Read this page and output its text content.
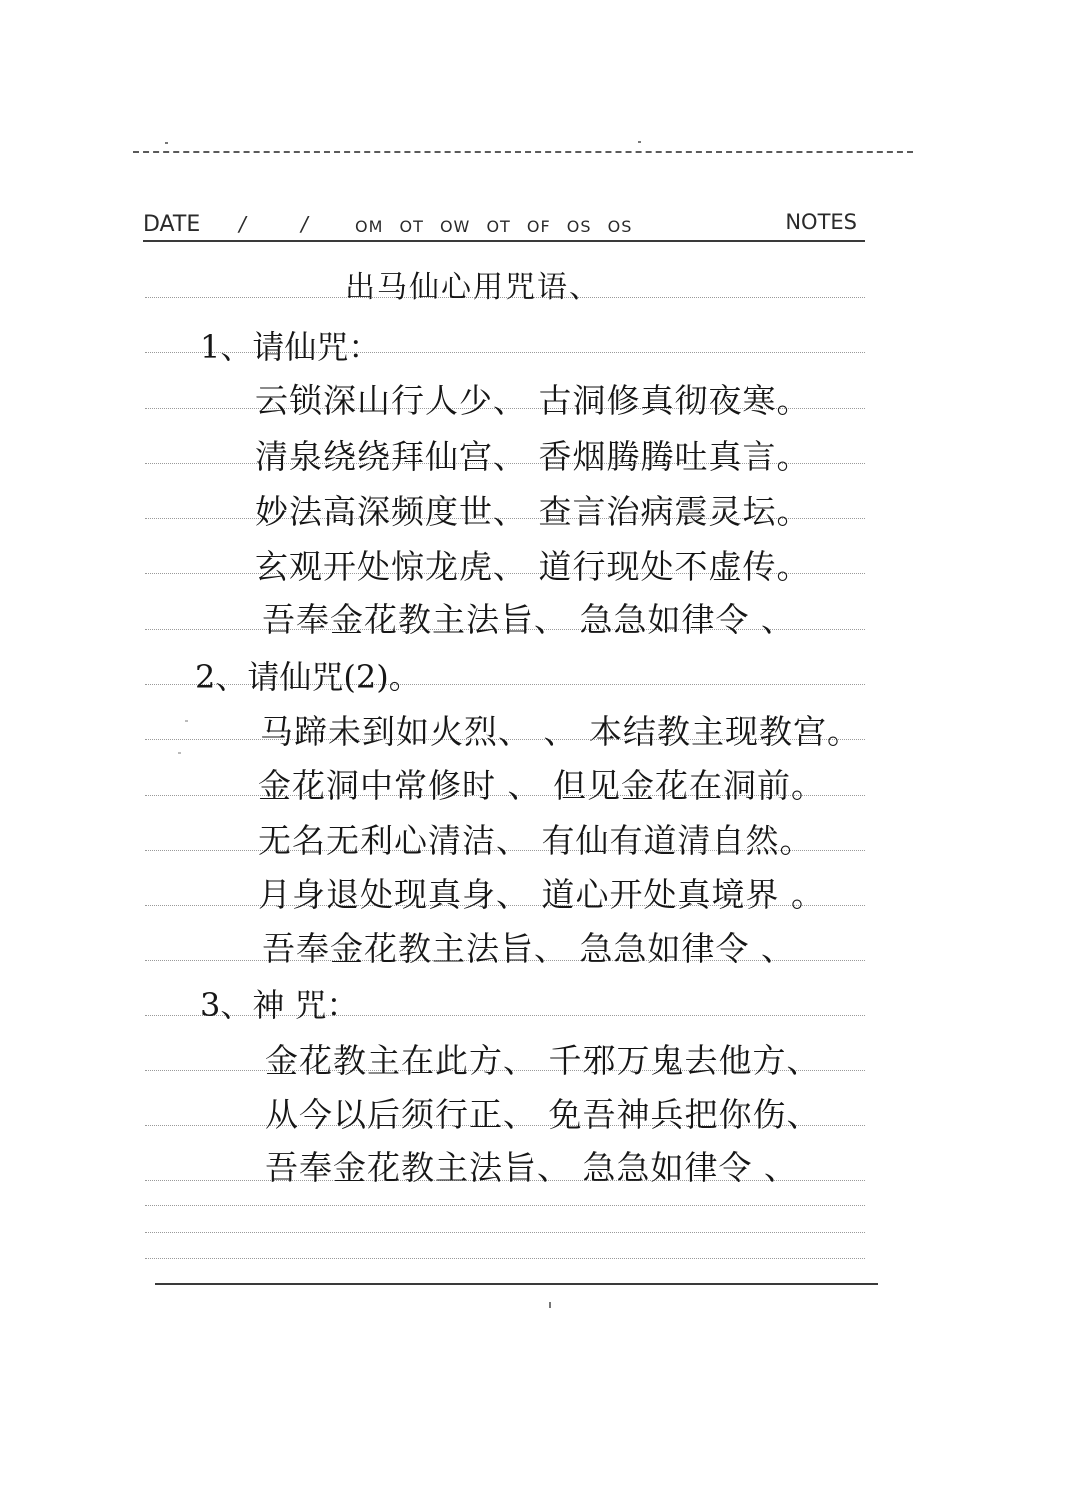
DATE /	/	OM OT OW OT OF OS OS	NOTES
出马仙心用咒语、
1、请仙咒：
云锁深山行人少、 古洞修真彻夜寒。
清泉绕绕拜仙宫、 香烟腾腾吐真言。
妙法高深频度世、 查言治病震灵坛。
玄观开处惊龙虎、 道行现处不虚传。
吾奉金花教主法旨、 急急如律令 、
2、请仙咒(2)。
马蹄未到如火烈、 、 本结教主现教宫。
金花洞中常修时 、 但见金花在洞前。
无名无利心清洁、 有仙有道清自然。
月身退处现真身、 道心开处真境界 。
吾奉金花教主法旨、 急急如律令 、
3、神 咒：
金花教主在此方、 千邪万鬼去他方、
从今以后须行正、 免吾神兵把你伤、
吾奉金花教主法旨、 急急如律令 、
